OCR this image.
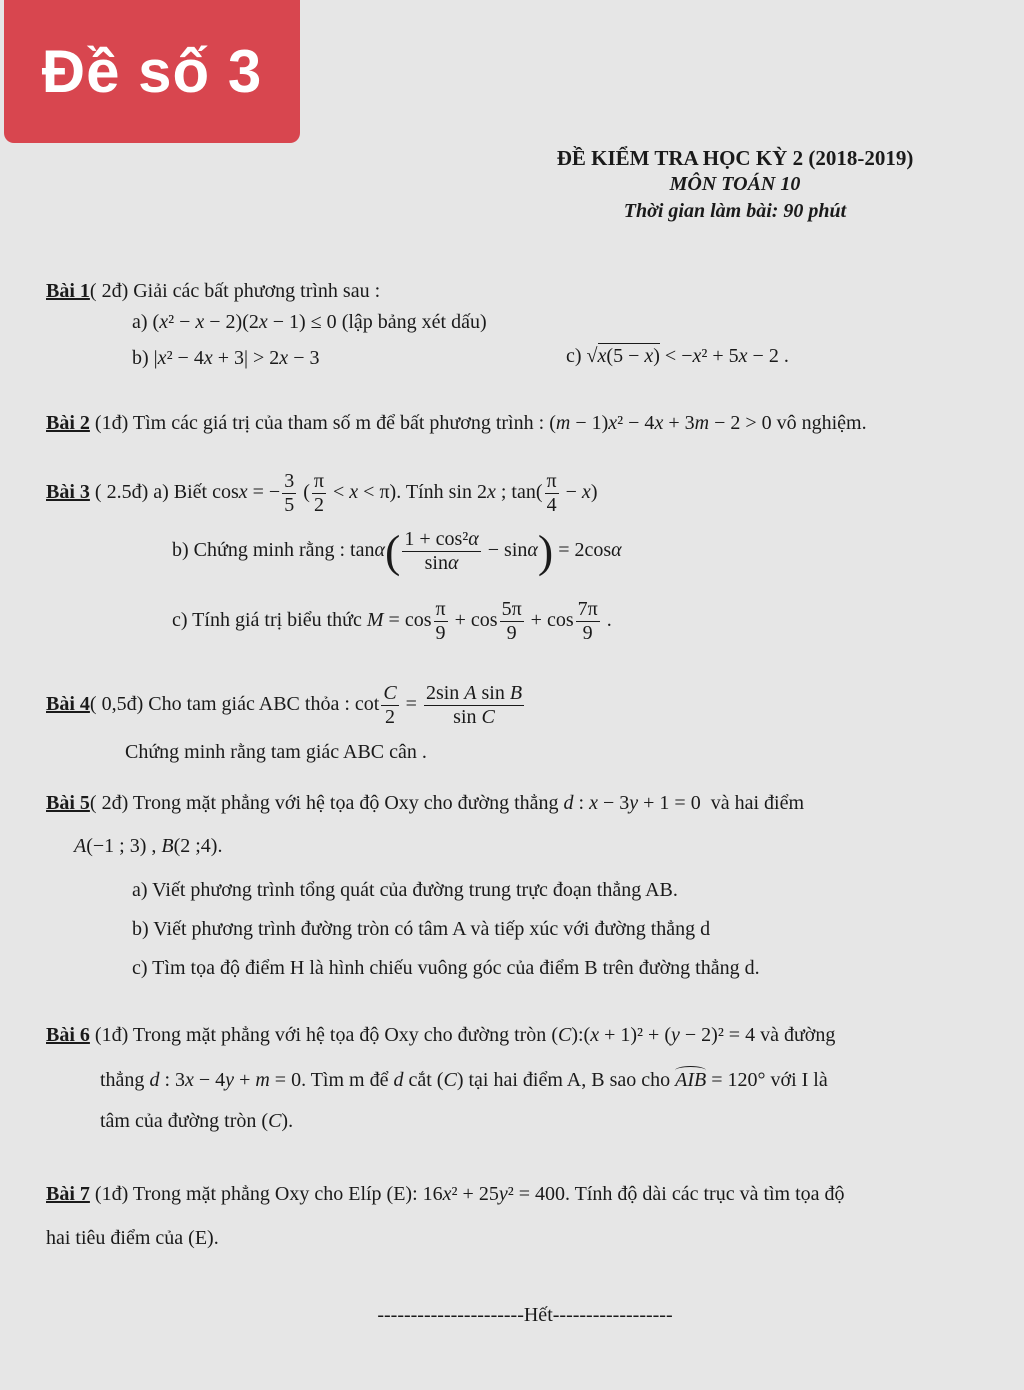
Đề số 3
ĐỀ KIỂM TRA HỌC KỲ 2 (2018-2019)
MÔN TOÁN 10
Thời gian làm bài: 90 phút
Bài 1( 2đ) Giải các bất phương trình sau :
a) (x² − x − 2)(2x − 1) ≤ 0 (lập bảng xét dấu)
b) |x² − 4x + 3| > 2x − 3	c) √x(5 − x) < −x² + 5x − 2 .
Bài 2 (1đ) Tìm các giá trị của tham số m để bất phương trình : (m − 1)x² − 4x + 3m − 2 > 0 vô nghiệm.
Bài 3 ( 2.5đ) a) Biết cosx = − $\frac{3}{5}$ ( $\frac{\pi}{2} < x < \pi$). Tính sin 2x ; $\tan( \frac{\pi}{4} - x)$
b) Chứng minh rằng : $\tan\alpha( \frac{\text{1 + cos²α}}{\sin\alpha} - \sin\alpha) = 2\cos\alpha$
c) Tính giá trị biểu thức $M = \cos \frac{\pi}{9} + \cos \frac{5\pi}{9} + \cos \frac{7\pi}{9}$ .
Bài 4( 0,5đ) Cho tam giác ABC thỏa : $\cot \frac{C}{2} = \frac{\text{2sin A sin B}}{\text{sin C}}$
Chứng minh rằng tam giác ABC cân .
Bài 5( 2đ) Trong mặt phẳng với hệ tọa độ Oxy cho đường thẳng d : x − 3y + 1 = 0  và hai điểm
A(−1 ; 3) , B(2 ;4).
a) Viết phương trình tổng quát của đường trung trực đoạn thẳng AB.
b) Viết phương trình đường tròn có tâm A và tiếp xúc với đường thẳng d
c) Tìm tọa độ điểm H là hình chiếu vuông góc của điểm B trên đường thẳng d.
Bài 6 (1đ) Trong mặt phẳng với hệ tọa độ Oxy cho đường tròn (C):(x + 1)² + (y − 2)² = 4 và đường
thẳng d : 3x − 4y + m = 0. Tìm m để d cắt (C) tại hai điểm A, B sao cho AIB = 120° với I là
tâm của đường tròn (C).
Bài 7 (1đ) Trong mặt phẳng Oxy cho Elíp (E): 16x² + 25y² = 400. Tính độ dài các trục và tìm tọa độ
hai tiêu điểm của (E).
----------------------Hết------------------
